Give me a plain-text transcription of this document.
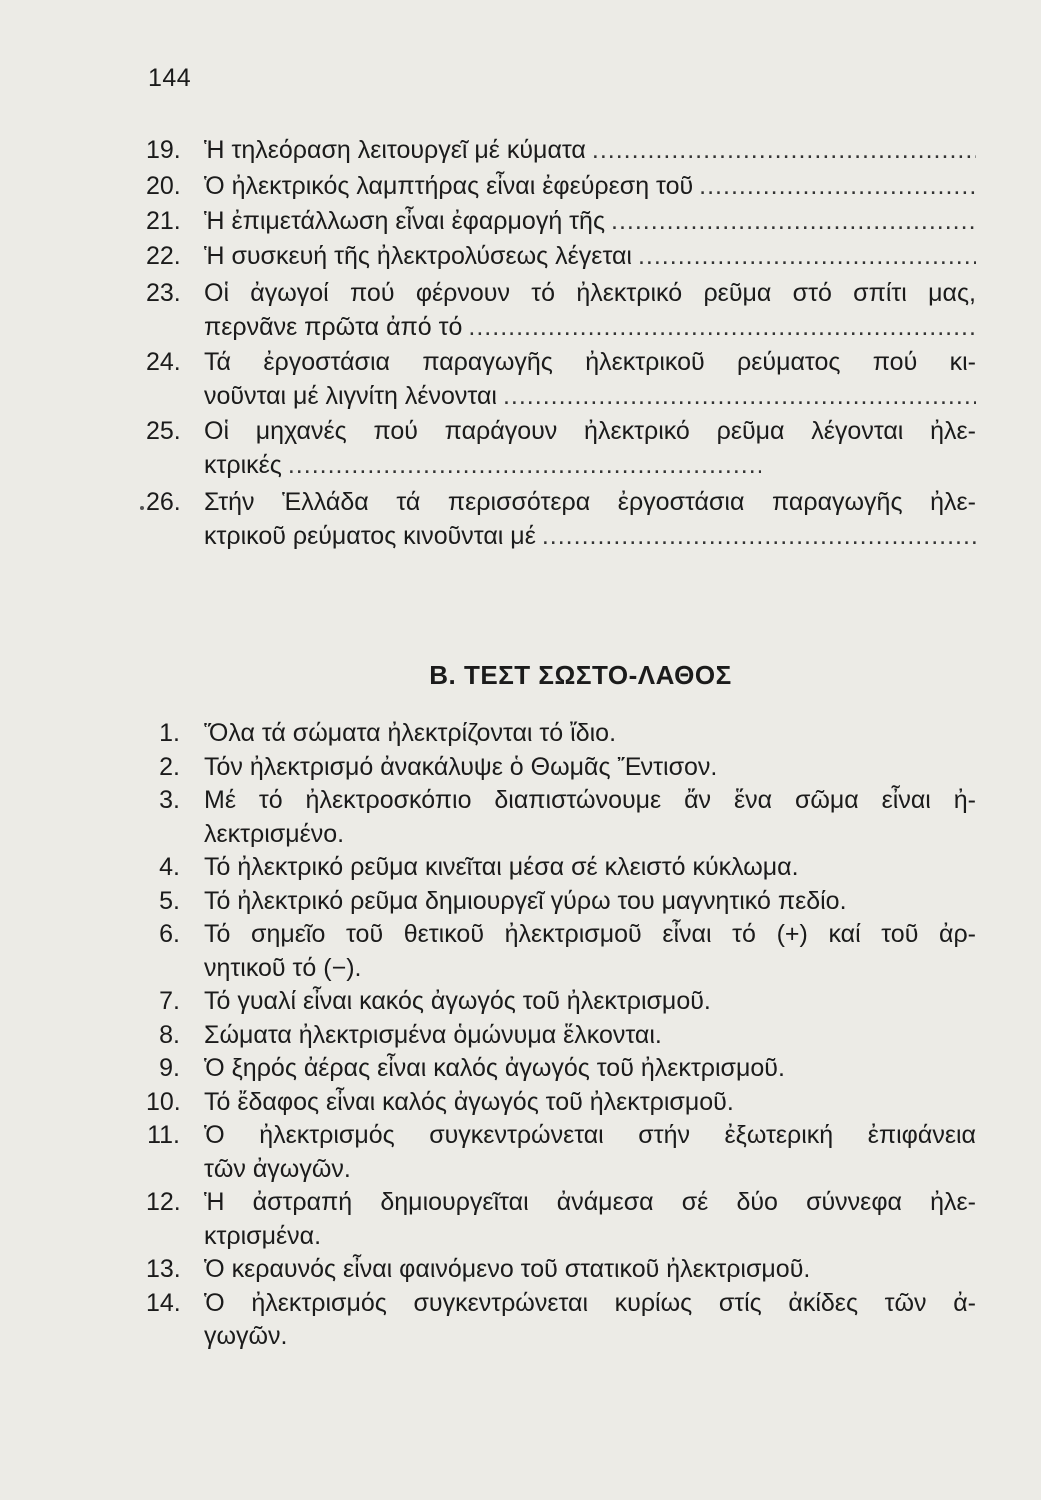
144
19. Ἡ τηλεόραση λειτουργεῖ μέ κύματα
.....
20. Ὁ ἠλεκτρικός λαμπτήρας εἶναι ἐφεύρεση τοῦ
.....
21. Ἡ ἐπιμετάλλωση εἶναι ἐφαρμογή τῆς
.....
22. Ἡ συσκευή τῆς ἠλεκτρολύσεως λέγεται
.....
23. Οἱ ἀγωγοί πού φέρνουν τό ἠλεκτρικό ρεῦμα στό σπίτι μας,
περνᾶνε πρῶτα ἀπό τό
.....
24. Τά ἐργοστάσια παραγωγῆς ἠλεκτρικοῦ ρεύματος πού κι-
νοῦνται μέ λιγνίτη λένονται
.....
25. Οἱ μηχανές πού παράγουν ἠλεκτρικό ρεῦμα λέγονται ἠλε-
κτρικές
.....
26. Στήν Ἑλλάδα τά περισσότερα ἐργοστάσια παραγωγῆς ἠλε-
κτρικοῦ ρεύματος κινοῦνται μέ
.....
Β. ΤΕΣΤ ΣΩΣΤΟ-ΛΑΘΟΣ
1. Ὅλα τά σώματα ἠλεκτρίζονται τό ἴδιο.
2. Τόν ἠλεκτρισμό ἀνακάλυψε ὁ Θωμᾶς Ἔντισον.
3. Μέ τό ἠλεκτροσκόπιο διαπιστώνουμε ἄν ἕνα σῶμα εἶναι ἠ-
λεκτρισμένο.
4. Τό ἠλεκτρικό ρεῦμα κινεῖται μέσα σέ κλειστό κύκλωμα.
5. Τό ἠλεκτρικό ρεῦμα δημιουργεῖ γύρω του μαγνητικό πεδίο.
6. Τό σημεῖο τοῦ θετικοῦ ἠλεκτρισμοῦ εἶναι τό (+) καί τοῦ ἀρ-
νητικοῦ τό (−).
7. Τό γυαλί εἶναι κακός ἀγωγός τοῦ ἠλεκτρισμοῦ.
8. Σώματα ἠλεκτρισμένα ὁμώνυμα ἕλκονται.
9. Ὁ ξηρός ἀέρας εἶναι καλός ἀγωγός τοῦ ἠλεκτρισμοῦ.
10. Τό ἔδαφος εἶναι καλός ἀγωγός τοῦ ἠλεκτρισμοῦ.
11. Ὁ ἠλεκτρισμός συγκεντρώνεται στήν ἐξωτερική ἐπιφάνεια
τῶν ἀγωγῶν.
12. Ἡ ἀστραπή δημιουργεῖται ἀνάμεσα σέ δύο σύννεφα ἠλε-
κτρισμένα.
13. Ὁ κεραυνός εἶναι φαινόμενο τοῦ στατικοῦ ἠλεκτρισμοῦ.
14. Ὁ ἠλεκτρισμός συγκεντρώνεται κυρίως στίς ἀκίδες τῶν ἀ-
γωγῶν.
